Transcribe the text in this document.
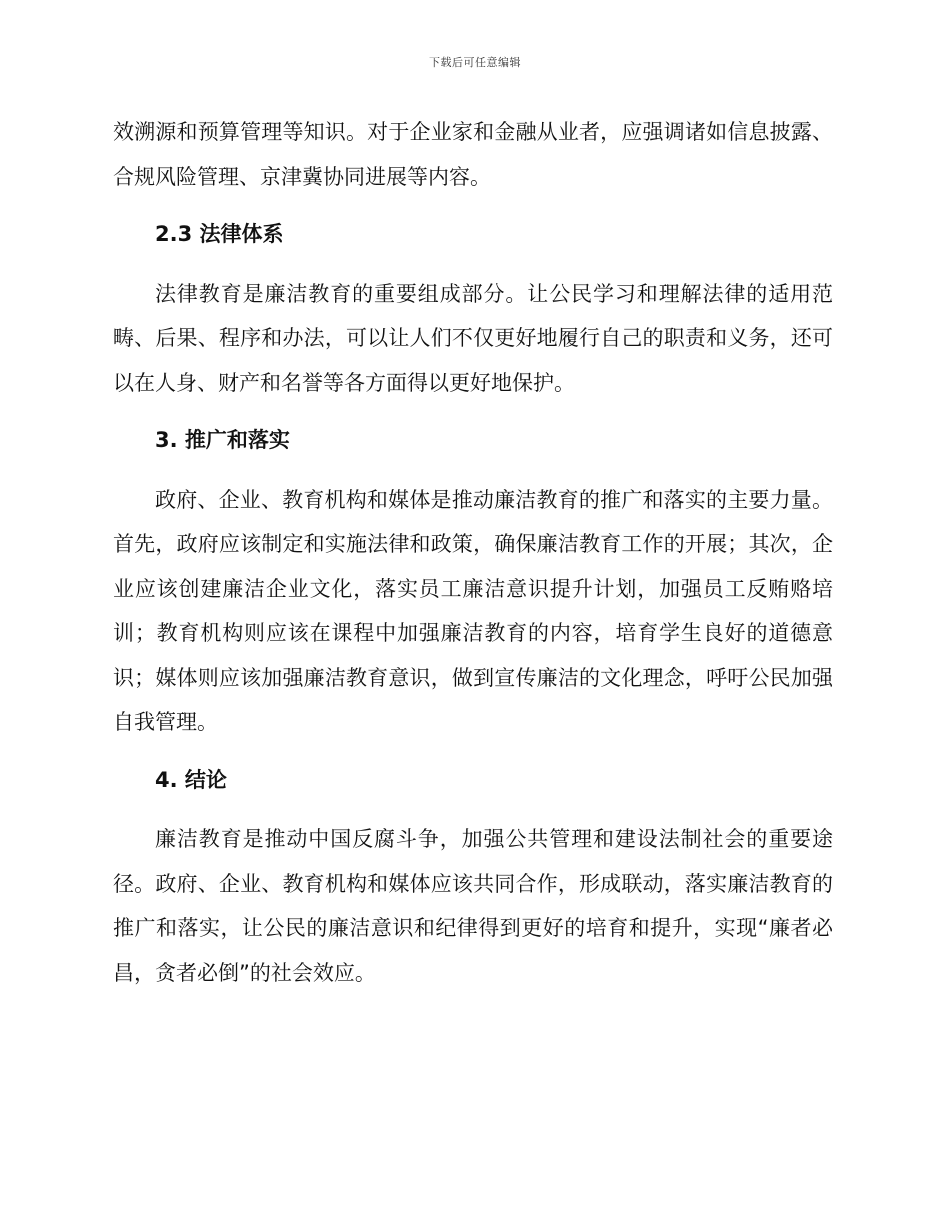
下载后可任意编辑

效溯源和预算管理等知识。对于企业家和金融从业者，应强调诸如信息披露、合规风险管理、京津冀协同进展等内容。

2.3 法律体系

法律教育是廉洁教育的重要组成部分。让公民学习和理解法律的适用范畴、后果、程序和办法，可以让人们不仅更好地履行自己的职责和义务，还可以在人身、财产和名誉等各方面得以更好地保护。

3. 推广和落实

政府、企业、教育机构和媒体是推动廉洁教育的推广和落实的主要力量。首先，政府应该制定和实施法律和政策，确保廉洁教育工作的开展；其次，企业应该创建廉洁企业文化，落实员工廉洁意识提升计划，加强员工反贿赂培训；教育机构则应该在课程中加强廉洁教育的内容，培育学生良好的道德意识；媒体则应该加强廉洁教育意识，做到宣传廉洁的文化理念，呼吁公民加强自我管理。

4. 结论

廉洁教育是推动中国反腐斗争，加强公共管理和建设法制社会的重要途径。政府、企业、教育机构和媒体应该共同合作，形成联动，落实廉洁教育的推广和落实，让公民的廉洁意识和纪律得到更好的培育和提升，实现“廉者必昌，贪者必倒”的社会效应。
